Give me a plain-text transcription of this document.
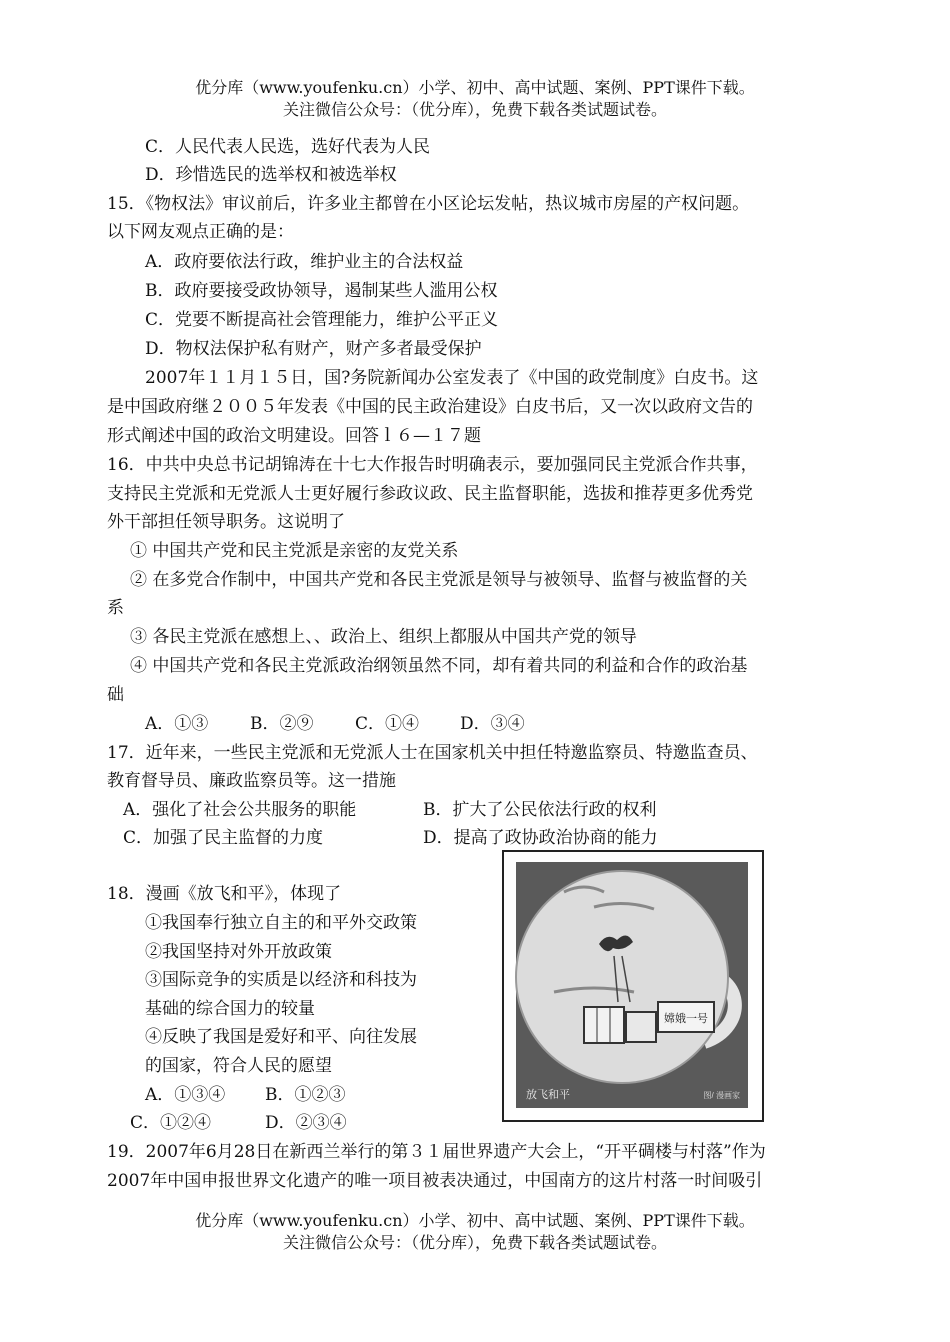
优分库（www.youfenku.cn）小学、初中、高中试题、案例、PPT课件下载。
关注微信公众号：（优分库），免费下载各类试题试卷。
C．人民代表人民选，选好代表为人民
D．珍惜选民的选举权和被选举权
15．《物权法》审议前后，许多业主都曾在小区论坛发帖，热议城市房屋的产权问题。
以下网友观点正确的是：
A．政府要依法行政，维护业主的合法权益
B．政府要接受政协领导，遏制某些人滥用公权
C．党要不断提高社会管理能力，维护公平正义
D．物权法保护私有财产，财产多者最受保护
2007年１１月１５日，国?务院新闻办公室发表了《中国的政党制度》白皮书。这
是中国政府继２００５年发表《中国的民主政治建设》白皮书后，又一次以政府文告的
形式阐述中国的政治文明建设。回答ｌ６—１７题
16．中共中央总书记胡锦涛在十七大作报告时明确表示，要加强同民主党派合作共事，
支持民主党派和无党派人士更好履行参政议政、民主监督职能，选拔和推荐更多优秀党
外干部担任领导职务。这说明了
① 中国共产党和民主党派是亲密的友党关系
② 在多党合作制中，中国共产党和各民主党派是领导与被领导、监督与被监督的关
系
③ 各民主党派在感想上、、政治上、组织上都服从中国共产党的领导
④ 中国共产党和各民主党派政治纲领虽然不同，却有着共同的利益和合作的政治基
础
A．①③ B．②⑨ C．①④ D．③④
17．近年来，一些民主党派和无党派人士在国家机关中担任特邀监察员、特邀监查员、
教育督导员、廉政监察员等。这一措施
A．强化了社会公共服务的职能	B．扩大了公民依法行政的权利
C．加强了民主监督的力度	D．提高了政协政治协商的能力
18．漫画《放飞和平》，体现了
①我国奉行独立自主的和平外交政策
②我国坚持对外开放政策
③国际竞争的实质是以经济和科技为
基础的综合国力的较量
④反映了我国是爱好和平、向往发展
的国家，符合人民的愿望
A．①③④ B．①②③
C．①②④	D．②③④
嫦娥一号
放飞和平	图/ 漫画家
19．2007年6月28日在新西兰举行的第３１届世界遗产大会上，“开平碉楼与村落”作为
2007年中国申报世界文化遗产的唯一项目被表决通过，中国南方的这片村落一时间吸引
优分库（www.youfenku.cn）小学、初中、高中试题、案例、PPT课件下载。
关注微信公众号：（优分库），免费下载各类试题试卷。
